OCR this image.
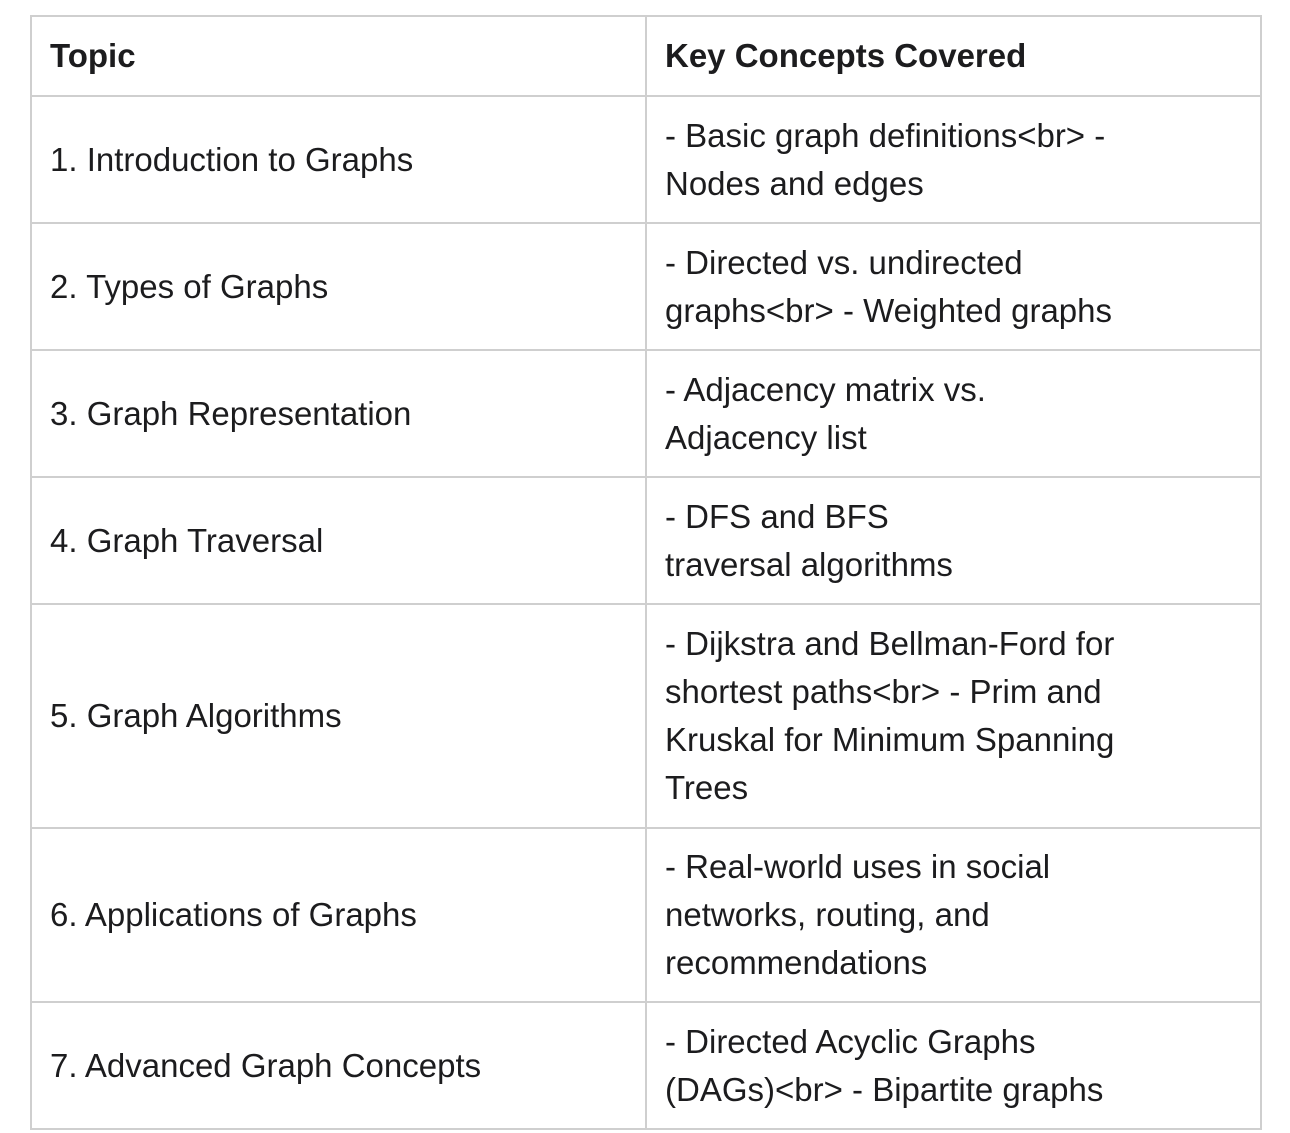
Topic	Key Concepts Covered
1. Introduction to Graphs	- Basic graph definitions<br> -
Nodes and edges

2. Types of Graphs	- Directed vs. undirected
graphs<br> - Weighted graphs

3. Graph Representation	- Adjacency matrix vs.
Adjacency list

4. Graph Traversal	- DFS and BFS
traversal algorithms

5. Graph Algorithms	- Dijkstra and Bellman-Ford for
shortest paths<br> - Prim and
Kruskal for Minimum Spanning
Trees

6. Applications of Graphs	- Real-world uses in social
networks, routing, and
recommendations

7. Advanced Graph Concepts	- Directed Acyclic Graphs
(DAGs)<br> - Bipartite graphs
